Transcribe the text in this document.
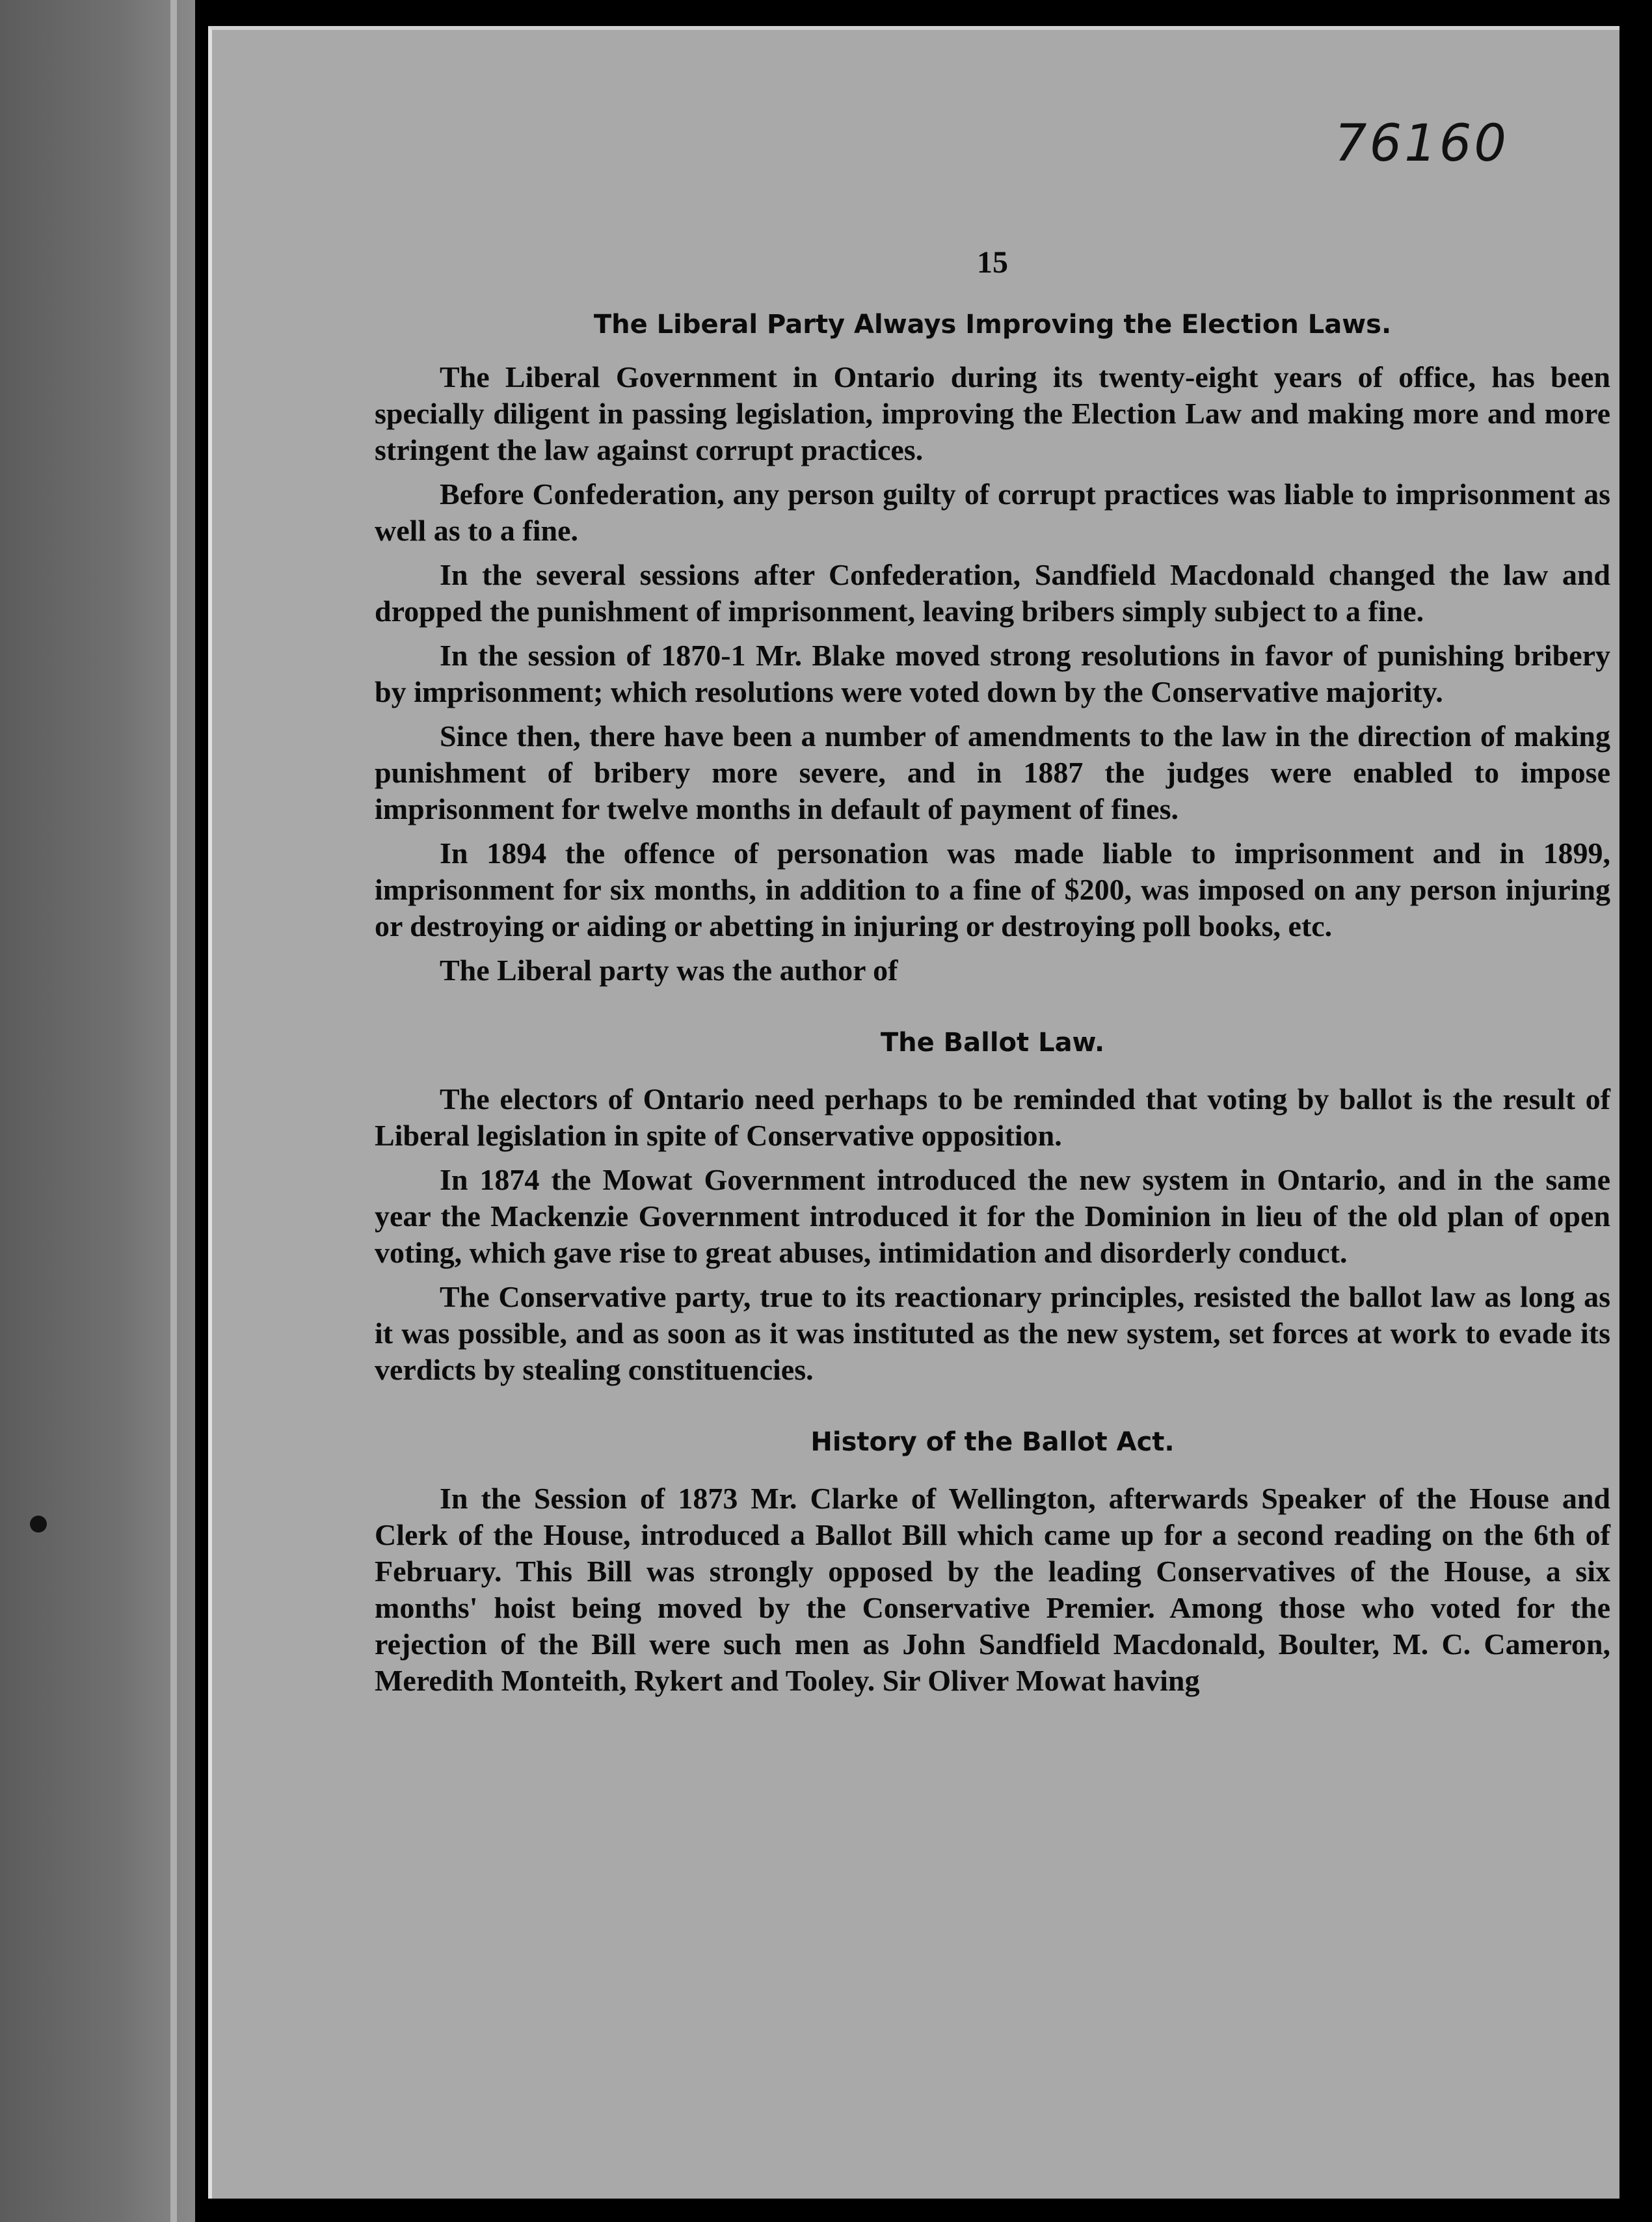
76160
15
The Liberal Party Always Improving the Election Laws.

The Liberal Government in Ontario during its twenty-eight years of office, has been specially diligent in passing legislation, improving the Election Law and making more and more stringent the law against corrupt practices.

Before Confederation, any person guilty of corrupt practices was liable to imprisonment as well as to a fine.

In the several sessions after Confederation, Sandfield Macdonald changed the law and dropped the punishment of imprisonment, leaving bribers simply subject to a fine.

In the session of 1870-1 Mr. Blake moved strong resolutions in favor of punishing bribery by imprisonment; which resolutions were voted down by the Conservative majority.

Since then, there have been a number of amendments to the law in the direction of making punishment of bribery more severe, and in 1887 the judges were enabled to impose imprisonment for twelve months in default of payment of fines.

In 1894 the offence of personation was made liable to imprisonment and in 1899, imprisonment for six months, in addition to a fine of $200, was imposed on any person injuring or destroying or aiding or abetting in injuring or destroying poll books, etc.

The Liberal party was the author of

The Ballot Law.

The electors of Ontario need perhaps to be reminded that voting by ballot is the result of Liberal legislation in spite of Conservative opposition.

In 1874 the Mowat Government introduced the new system in Ontario, and in the same year the Mackenzie Government introduced it for the Dominion in lieu of the old plan of open voting, which gave rise to great abuses, intimidation and disorderly conduct.

The Conservative party, true to its reactionary principles, resisted the ballot law as long as it was possible, and as soon as it was instituted as the new system, set forces at work to evade its verdicts by stealing constituencies.

History of the Ballot Act.

In the Session of 1873 Mr. Clarke of Wellington, afterwards Speaker of the House and Clerk of the House, introduced a Ballot Bill which came up for a second reading on the 6th of February. This Bill was strongly opposed by the leading Conservatives of the House, a six months' hoist being moved by the Conservative Premier. Among those who voted for the rejection of the Bill were such men as John Sandfield Macdonald, Boulter, M. C. Cameron, Meredith Monteith, Rykert and Tooley. Sir Oliver Mowat having
